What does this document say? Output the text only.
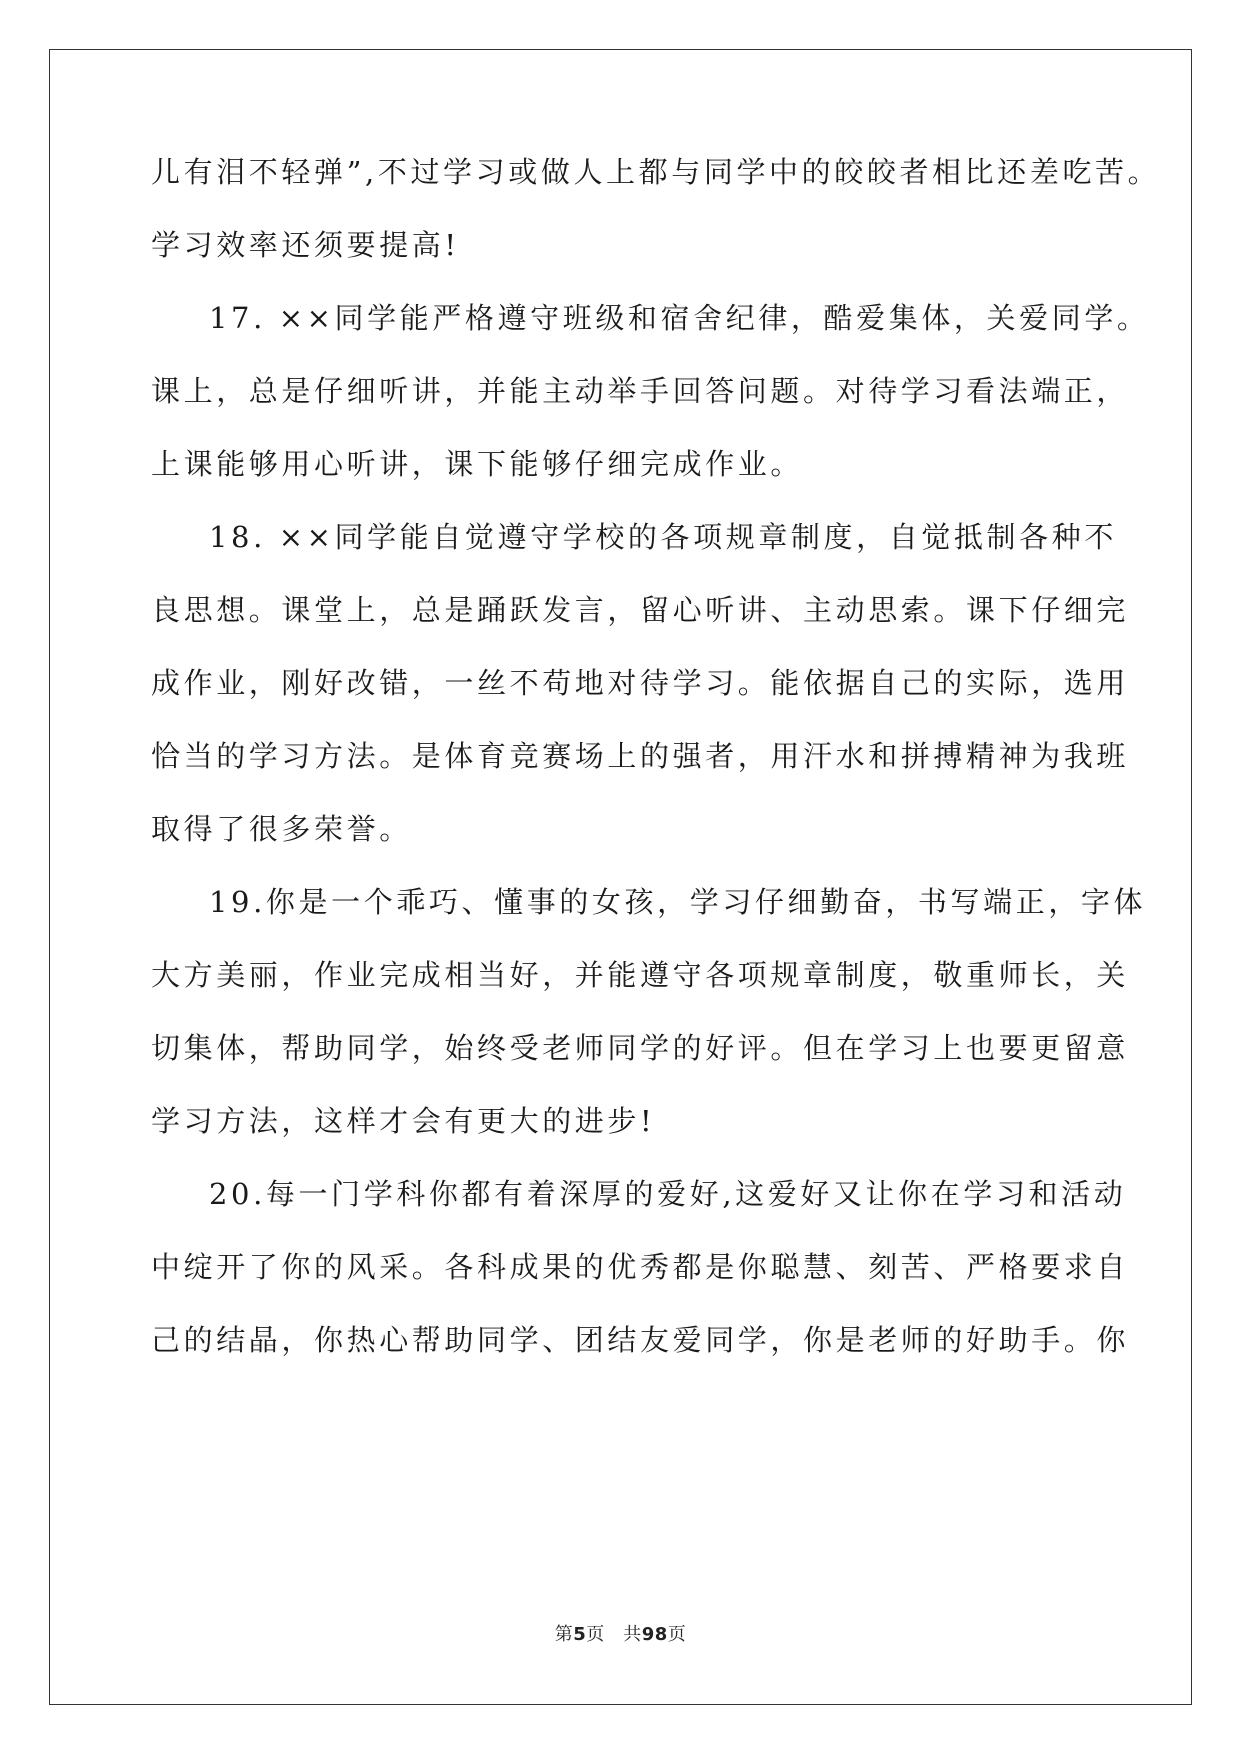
儿有泪不轻弹”,不过学习或做人上都与同学中的皎皎者相比还差吃苦。
学习效率还须要提高!
17. ××同学能严格遵守班级和宿舍纪律，酷爱集体，关爱同学。
课上，总是仔细听讲，并能主动举手回答问题。对待学习看法端正，
上课能够用心听讲，课下能够仔细完成作业。
18. ××同学能自觉遵守学校的各项规章制度，自觉抵制各种不
良思想。课堂上，总是踊跃发言，留心听讲、主动思索。课下仔细完
成作业，刚好改错，一丝不苟地对待学习。能依据自己的实际，选用
恰当的学习方法。是体育竞赛场上的强者，用汗水和拼搏精神为我班
取得了很多荣誉。
19.你是一个乖巧、懂事的女孩，学习仔细勤奋，书写端正，字体
大方美丽，作业完成相当好，并能遵守各项规章制度，敬重师长，关
切集体，帮助同学，始终受老师同学的好评。但在学习上也要更留意
学习方法，这样才会有更大的进步!
20.每一门学科你都有着深厚的爱好,这爱好又让你在学习和活动
中绽开了你的风采。各科成果的优秀都是你聪慧、刻苦、严格要求自
己的结晶，你热心帮助同学、团结友爱同学，你是老师的好助手。你
第5页　共98页
